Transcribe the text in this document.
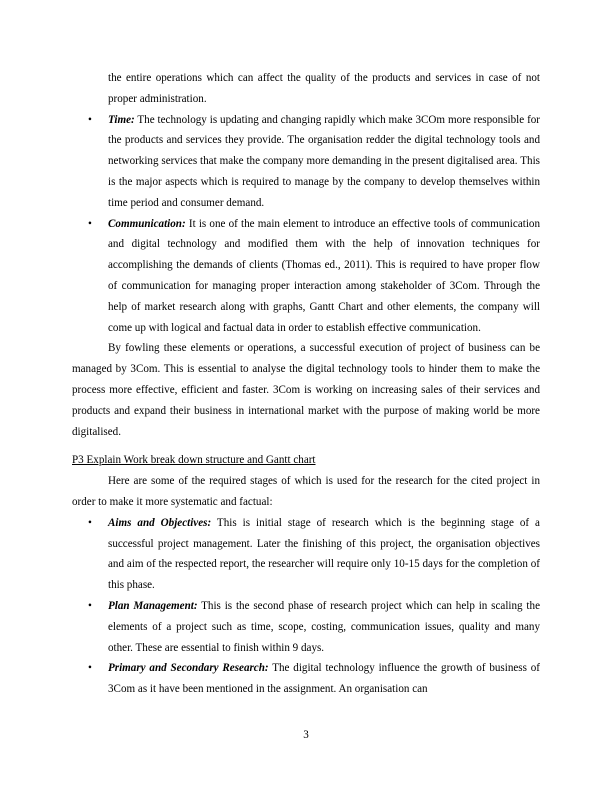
the entire operations which can affect the quality of the products and services in case of not proper administration.

• Time: The technology is updating and changing rapidly which make 3COm more responsible for the products and services they provide. The organisation redder the digital technology tools and networking services that make the company more demanding in the present digitalised area. This is the major aspects which is required to manage by the company to develop themselves within time period and consumer demand.
• Communication: It is one of the main element to introduce an effective tools of communication and digital technology and modified them with the help of innovation techniques for accomplishing the demands of clients (Thomas ed., 2011). This is required to have proper flow of communication for managing proper interaction among stakeholder of 3Com. Through the help of market research along with graphs, Gantt Chart and other elements, the company will come up with logical and factual data in order to establish effective communication.

By fowling these elements or operations, a successful execution of project of business can be managed by 3Com. This is essential to analyse the digital technology tools to hinder them to make the process more effective, efficient and faster. 3Com is working on increasing sales of their services and products and expand their business in international market with the purpose of making world be more digitalised.

P3 Explain Work break down structure and Gantt chart

Here are some of the required stages of which is used for the research for the cited project in order to make it more systematic and factual:

• Aims and Objectives: This is initial stage of research which is the beginning stage of a successful project management. Later the finishing of this project, the organisation objectives and aim of the respected report, the researcher will require only 10-15 days for the completion of this phase.
• Plan Management: This is the second phase of research project which can help in scaling the elements of a project such as time, scope, costing, communication issues, quality and many other. These are essential to finish within 9 days.
• Primary and Secondary Research: The digital technology influence the growth of business of 3Com as it have been mentioned in the assignment. An organisation can
3
